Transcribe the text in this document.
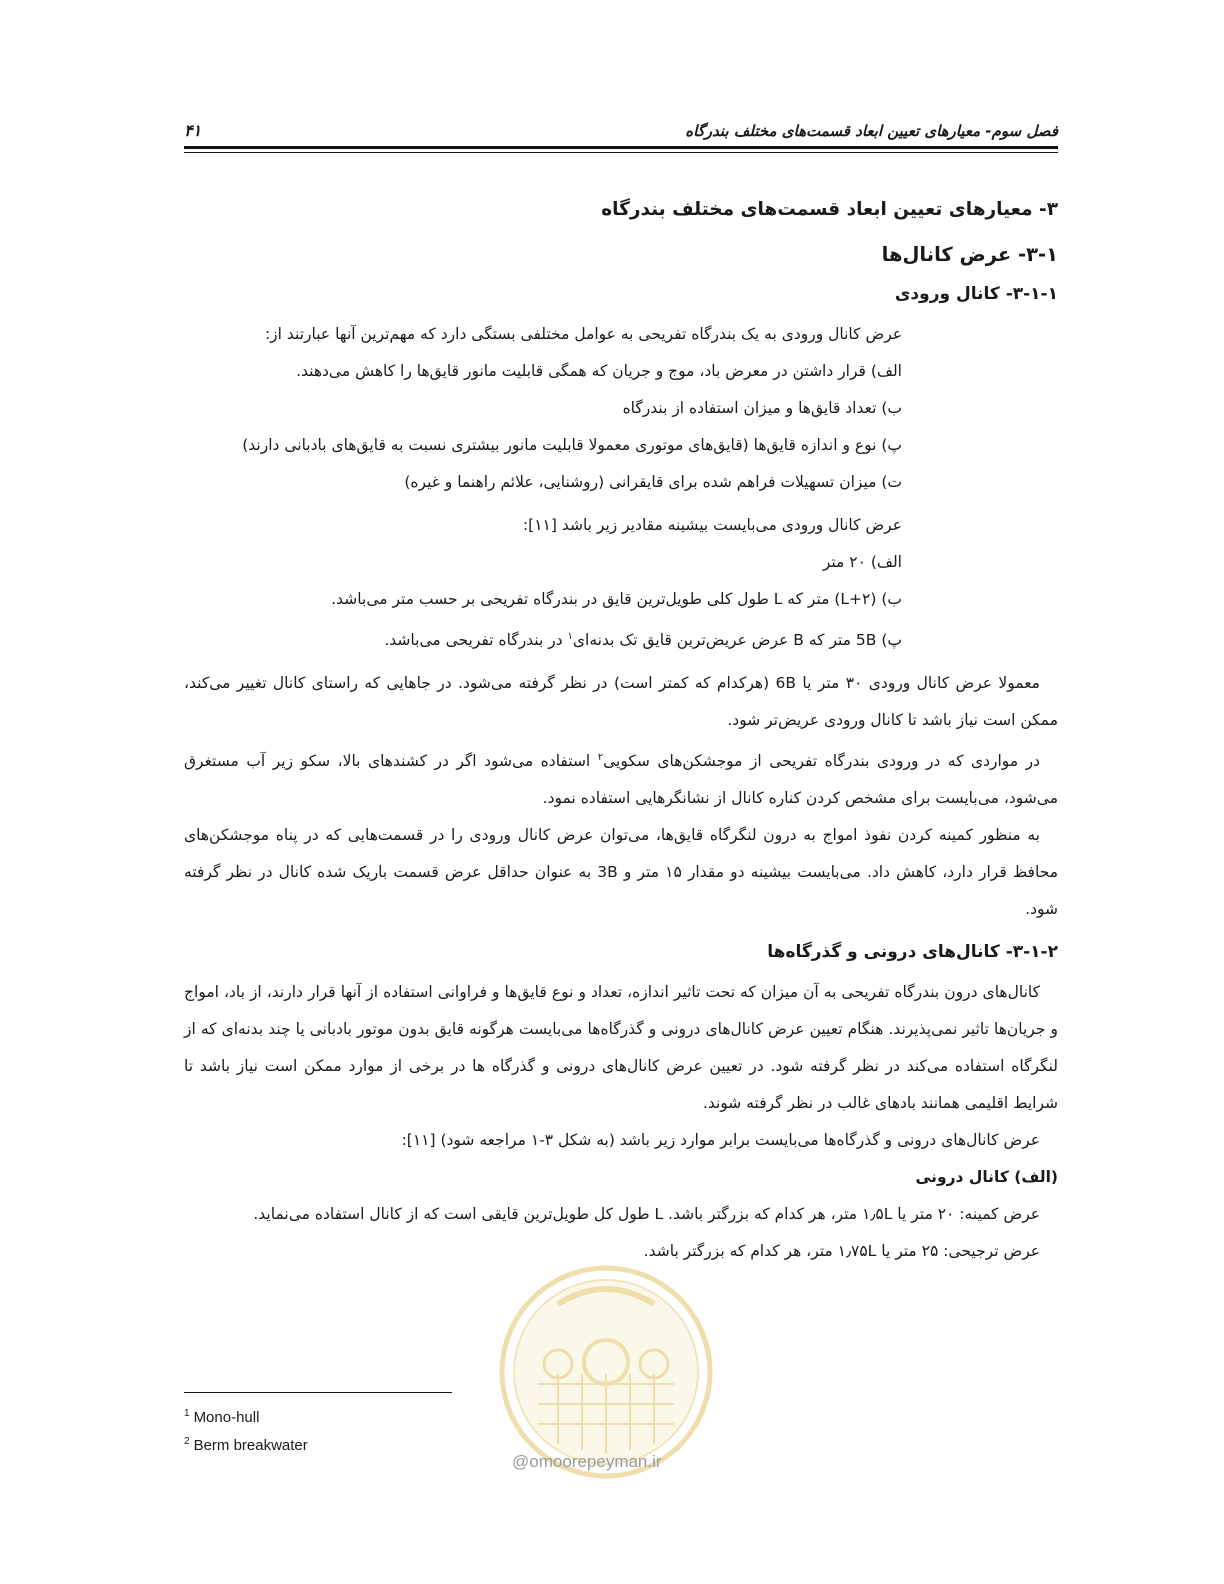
فصل سوم- معیارهای تعیین ابعاد قسمت‌های مختلف بندرگاه
۴۱
۳- معیارهای تعیین ابعاد قسمت‌های مختلف بندرگاه
۳-۱- عرض کانال‌ها
۳-۱-۱- کانال ورودی

عرض کانال ورودی به یک بندرگاه تفریحی به عوامل مختلفی بستگی دارد که مهم‌ترین آنها عبارتند از:

الف) قرار داشتن در معرض باد، موج و جریان که همگی قابلیت مانور قایق‌ها را کاهش می‌دهند.

ب) تعداد قایق‌ها و میزان استفاده از بندرگاه

پ) نوع و اندازه قایق‌ها (قایق‌های موتوری معمولا قابلیت مانور بیشتری نسبت به قایق‌های بادبانی دارند)

ت) میزان تسهیلات فراهم شده برای قایقرانی (روشنایی، علائم راهنما و غیره)

عرض کانال ورودی می‌بایست بیشینه مقادیر زیر باشد [۱۱]:

الف) ۲۰ متر

ب) (L+۲) متر که L طول کلی طویل‌ترین قایق در بندرگاه تفریحی بر حسب متر می‌باشد.

پ) 5B متر که B عرض عریض‌ترین قایق تک بدنه‌ای$^۱$ در بندرگاه تفریحی می‌باشد.

معمولا عرض کانال ورودی ۳۰ متر یا 6B (هرکدام که کمتر است) در نظر گرفته می‌شود. در جاهایی که راستای کانال تغییر می‌کند، ممکن است نیاز باشد تا کانال ورودی عریض‌تر شود.

در مواردی که در ورودی بندرگاه تفریحی از موجشکن‌های سکویی$^۲$ استفاده می‌شود اگر در کشندهای بالا، سکو زیر آب مستغرق می‌شود، می‌بایست برای مشخص کردن کناره کانال از نشانگرهایی استفاده نمود.

به منظور کمینه کردن نفوذ امواج به درون لنگرگاه قایق‌ها، می‌توان عرض کانال ورودی را در قسمت‌هایی که در پناه موجشکن‌های محافظ قرار دارد، کاهش داد. می‌بایست بیشینه دو مقدار ۱۵ متر و 3B به عنوان حداقل عرض قسمت باریک شده کانال در نظر گرفته شود.

۳-۱-۲- کانال‌های درونی و گذرگاه‌ها

کانال‌های درون بندرگاه تفریحی به آن میزان که تحت تاثیر اندازه، تعداد و نوع قایق‌ها و فراوانی استفاده از آنها قرار دارند، از باد، امواج و جریان‌ها تاثیر نمی‌پذیرند. هنگام تعیین عرض کانال‌های درونی و گذرگاه‌ها می‌بایست هرگونه قایق بدون موتور بادبانی یا چند بدنه‌ای که از لنگرگاه استفاده می‌کند در نظر گرفته شود. در تعیین عرض کانال‌های درونی و گذرگاه ها در برخی از موارد ممکن است نیاز باشد تا شرایط اقلیمی همانند بادهای غالب در نظر گرفته شوند.

عرض کانال‌های درونی و گذرگاه‌ها می‌بایست برابر موارد زیر باشد (به شکل ۳-۱ مراجعه شود) [۱۱]:

(الف) کانال درونی

عرض کمینه: ۲۰ متر یا ۱٫۵L متر، هر کدام که بزرگتر باشد. L طول کل طویل‌ترین قایقی است که از کانال استفاده می‌نماید.

عرض ترجیحی: ۲۵ متر یا ۱٫۷۵L متر، هر کدام که بزرگتر باشد.

$^1$ Mono-hull
$^2$ Berm breakwater
@omoorepeyman.ir
